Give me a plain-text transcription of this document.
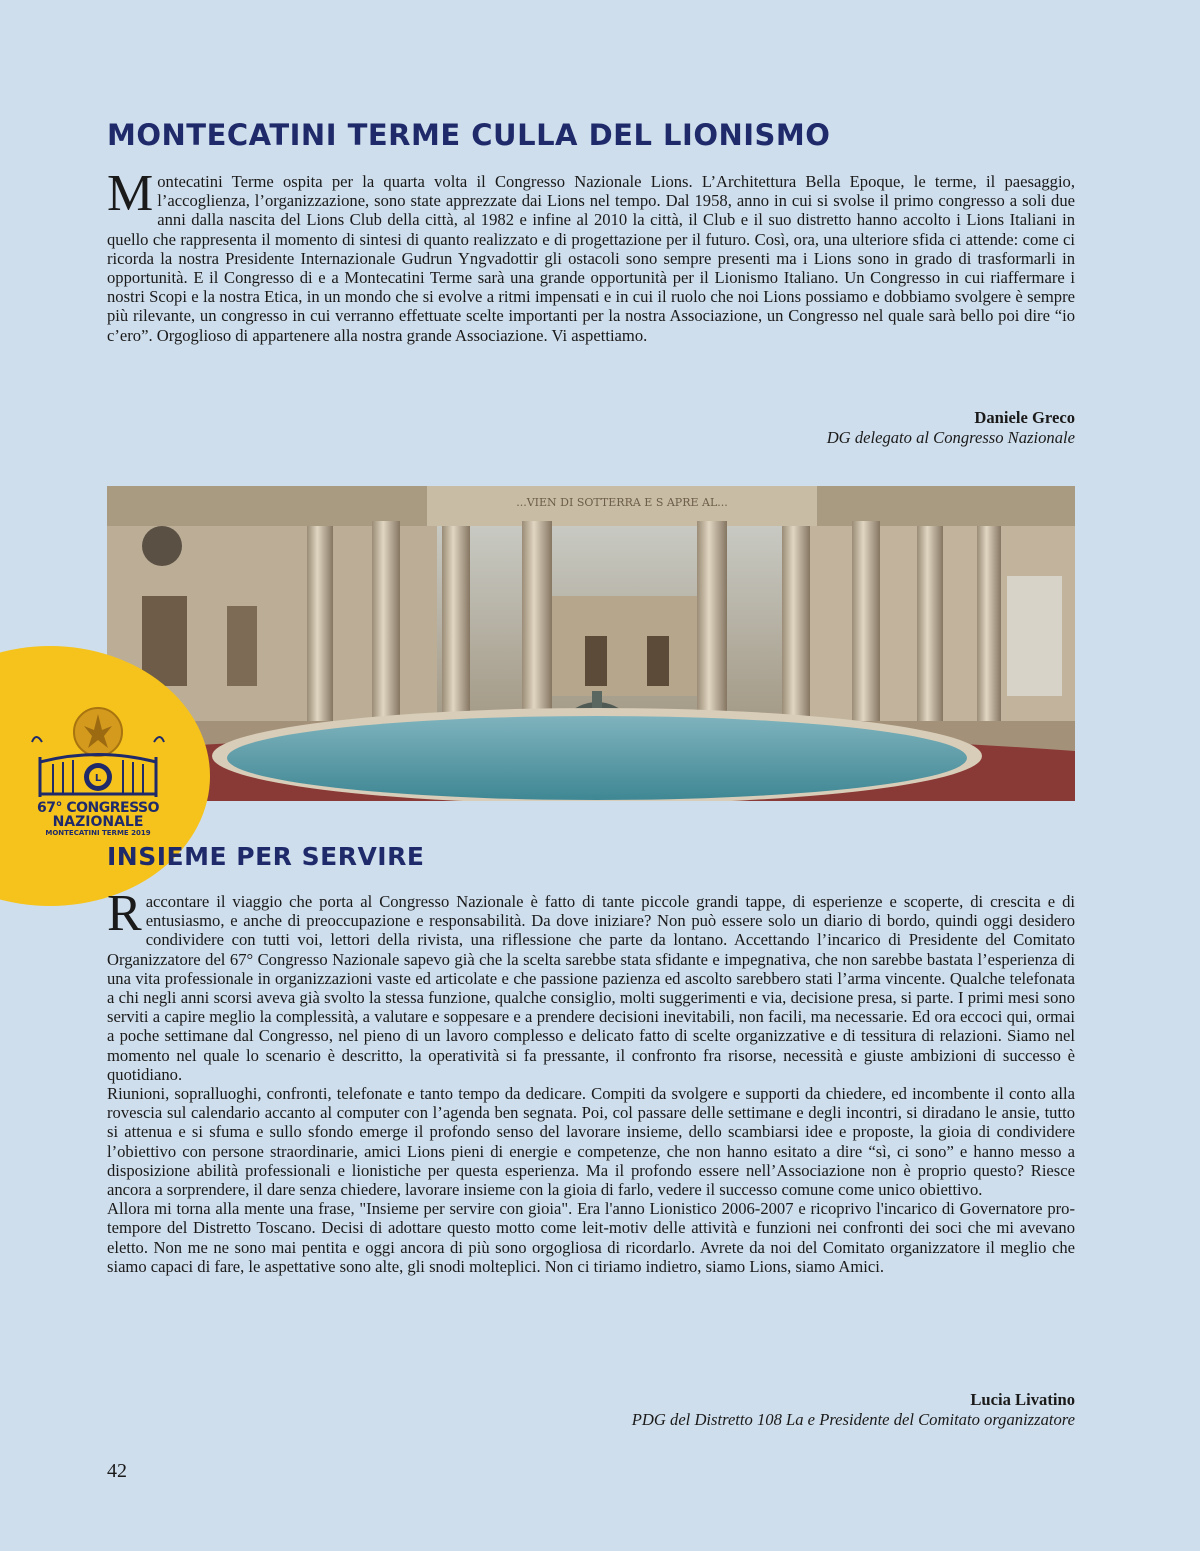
MONTECATINI TERME CULLA DEL LIONISMO

Montecatini Terme ospita per la quarta volta il Congresso Nazionale Lions. L’Architettura Bella Epoque, le terme, il paesaggio, l’accoglienza, l’organizzazione, sono state apprezzate dai Lions nel tempo. Dal 1958, anno in cui si svolse il primo congresso a soli due anni dalla nascita del Lions Club della città, al 1982 e infine al 2010 la città, il Club e il suo distretto hanno accolto i Lions Italiani in quello che rappresenta il momento di sintesi di quanto realizzato e di progettazione per il futuro. Così, ora, una ulteriore sfida ci attende: come ci ricorda la nostra Presidente Internazionale Gudrun Yngvadottir gli ostacoli sono sempre presenti ma i Lions sono in grado di trasformarli in opportunità. E il Congresso di e a Montecatini Terme sarà una grande opportunità per il Lionismo Italiano. Un Congresso in cui riaffermare i nostri Scopi e la nostra Etica, in un mondo che si evolve a ritmi impensati e in cui il ruolo che noi Lions possiamo e dobbiamo svolgere è sempre più rilevante, un congresso in cui verranno effettuate scelte importanti per la nostra Associazione, un Congresso nel quale sarà bello poi dire “io c’ero”. Orgoglioso di appartenere alla nostra grande Associazione. Vi aspettiamo.

Daniele Greco
DG delegato al Congresso Nazionale
...VIEN DI SOTTERRA E S APRE AL...
L

67° CONGRESSO

NAZIONALE

MONTECATINI TERME 2019

INSIEME PER SERVIRE

Raccontare il viaggio che porta al Congresso Nazionale è fatto di tante piccole grandi tappe, di esperienze e scoperte, di crescita e di entusiasmo, e anche di preoccupazione e responsabilità. Da dove iniziare? Non può essere solo un diario di bordo, quindi oggi desidero condividere con tutti voi, lettori della rivista, una riflessione che parte da lontano. Accettando l’incarico di Presidente del Comitato Organizzatore del 67° Congresso Nazionale sapevo già che la scelta sarebbe stata sfidante e impegnativa, che non sarebbe bastata l’esperienza di una vita professionale in organizzazioni vaste ed articolate e che passione pazienza ed ascolto sarebbero stati l’arma vincente. Qualche telefonata a chi negli anni scorsi aveva già svolto la stessa funzione, qualche consiglio, molti suggerimenti e via, decisione presa, si parte. I primi mesi sono serviti a capire meglio la complessità, a valutare e soppesare e a prendere decisioni inevitabili, non facili, ma necessarie. Ed ora eccoci qui, ormai a poche settimane dal Congresso, nel pieno di un lavoro complesso e delicato fatto di scelte organizzative e di tessitura di relazioni. Siamo nel momento nel quale lo scenario è descritto, la operatività si fa pressante, il confronto fra risorse, necessità e giuste ambizioni di successo è quotidiano.

Riunioni, sopralluoghi, confronti, telefonate e tanto tempo da dedicare. Compiti da svolgere e supporti da chiedere, ed incombente il conto alla rovescia sul calendario accanto al computer con l’agenda ben segnata. Poi, col passare delle settimane e degli incontri, si diradano le ansie, tutto si attenua e si sfuma e sullo sfondo emerge il profondo senso del lavorare insieme, dello scambiarsi idee e proposte, la gioia di condividere l’obiettivo con persone straordinarie, amici Lions pieni di energie e competenze, che non hanno esitato a dire “sì, ci sono” e hanno messo a disposizione abilità professionali e lionistiche per questa esperienza. Ma il profondo essere nell’Associazione non è proprio questo? Riesce ancora a sorprendere, il dare senza chiedere, lavorare insieme con la gioia di farlo, vedere il successo comune come unico obiettivo.

Allora mi torna alla mente una frase, "Insieme per servire con gioia". Era l'anno Lionistico 2006-2007 e ricoprivo l'incarico di Governatore pro-tempore del Distretto Toscano. Decisi di adottare questo motto come leit-motiv delle attività e funzioni nei confronti dei soci che mi avevano eletto. Non me ne sono mai pentita e oggi ancora di più sono orgogliosa di ricordarlo. Avrete da noi del Comitato organizzatore il meglio che siamo capaci di fare, le aspettative sono alte, gli snodi molteplici. Non ci tiriamo indietro, siamo Lions, siamo Amici.

Lucia Livatino
PDG del Distretto 108 La e Presidente del Comitato organizzatore

42
